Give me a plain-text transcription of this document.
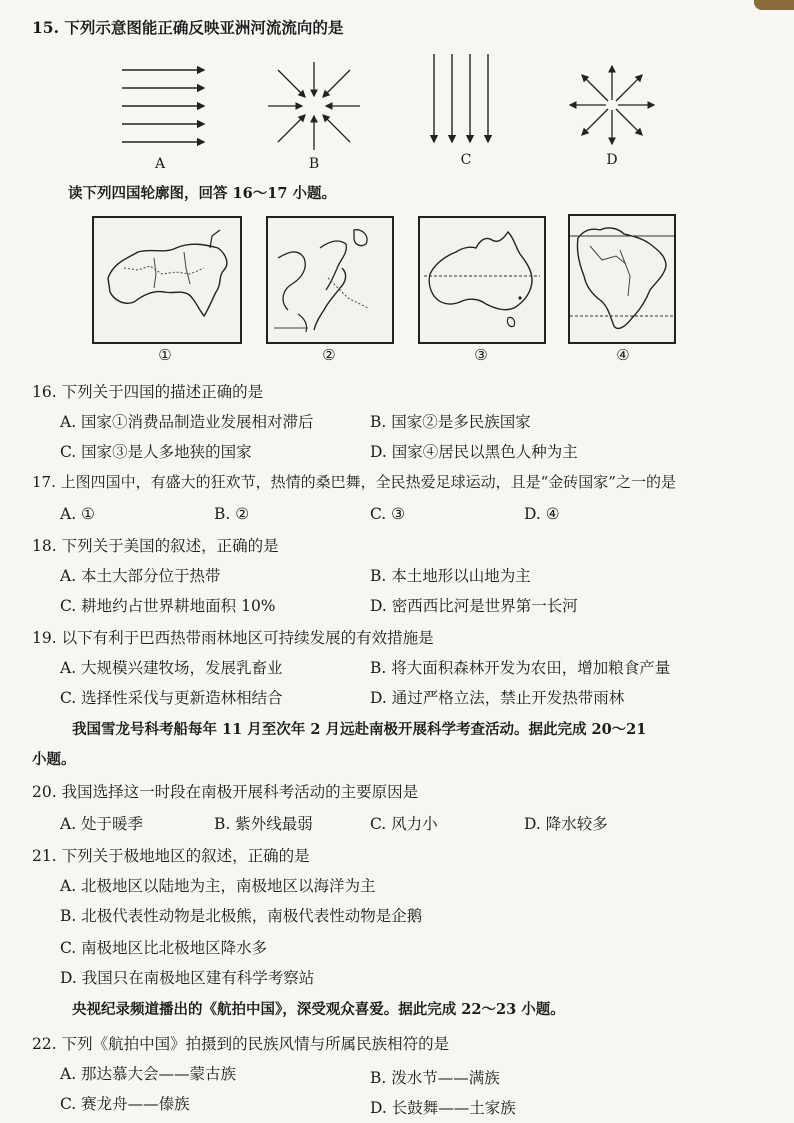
15. 下列示意图能正确反映亚洲河流流向的是
A	B	C	D
读下列四国轮廓图，回答 16～17 小题。
①	②	③	④
16. 下列关于四国的描述正确的是
A. 国家①消费品制造业发展相对滞后	B. 国家②是多民族国家
C. 国家③是人多地狭的国家	D. 国家④居民以黑色人种为主
17. 上图四国中，有盛大的狂欢节，热情的桑巴舞，全民热爱足球运动，且是“金砖国家”之一的是
A. ①	B. ②	C. ③	D. ④
18. 下列关于美国的叙述，正确的是
A. 本土大部分位于热带	B. 本土地形以山地为主
C. 耕地约占世界耕地面积 10%	D. 密西西比河是世界第一长河
19. 以下有利于巴西热带雨林地区可持续发展的有效措施是
A. 大规模兴建牧场，发展乳畜业	B. 将大面积森林开发为农田，增加粮食产量
C. 选择性采伐与更新造林相结合	D. 通过严格立法，禁止开发热带雨林
我国雪龙号科考船每年 11 月至次年 2 月远赴南极开展科学考查活动。据此完成 20～21
小题。
20. 我国选择这一时段在南极开展科考活动的主要原因是
A. 处于暖季	B. 紫外线最弱	C. 风力小	D. 降水较多
21. 下列关于极地地区的叙述，正确的是
A. 北极地区以陆地为主，南极地区以海洋为主
B. 北极代表性动物是北极熊，南极代表性动物是企鹅
C. 南极地区比北极地区降水多
D. 我国只在南极地区建有科学考察站
央视纪录频道播出的《航拍中国》，深受观众喜爱。据此完成 22～23 小题。
22. 下列《航拍中国》拍摄到的民族风情与所属民族相符的是
A. 那达慕大会——蒙古族	B. 泼水节——满族
C. 赛龙舟——傣族	D. 长鼓舞——土家族
